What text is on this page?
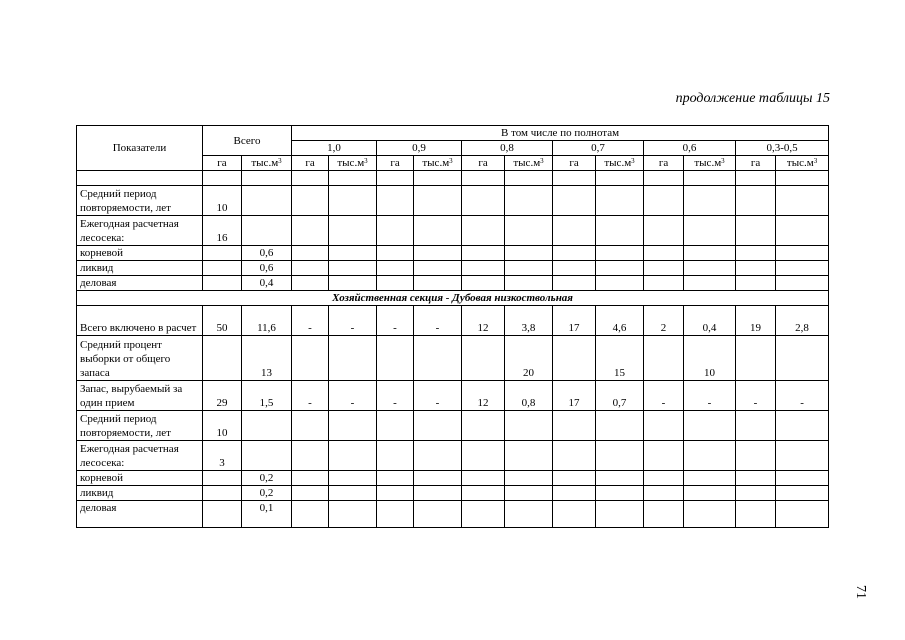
продолжение таблицы 15
Показатели	Всего		В том числе по полнотам											
			1,0		0,9		0,8		0,7		0,6		0,3-0,5	
	га	$тыс.м^3$	га	$тыс.м^3$	га	$тыс.м^3$	га	$тыс.м^3$	га	$тыс.м^3$	га	$тыс.м^3$	га	$тыс.м^3$

Средний период повторяемости, лет	10													
Ежегодная расчетная лесосека:	16													
корневой		0,6												
ликвид		0,6												
деловая		0,4												
Хозяйственная секция - Дубовая низкоствольная														
Всего включено в расчет	50	11,6	-	-	-	-	12	3,8	17	4,6	2	0,4	19	2,8
Средний процент выборки от общего запаса		13						20		15		10		
Запас, вырубаемый за один прием	29	1,5	-	-	-	-	12	0,8	17	0,7	-	-	-	-
Средний период повторяемости, лет	10													
Ежегодная расчетная лесосека:	3													
корневой		0,2												
ликвид		0,2												
деловая		0,1												
71
